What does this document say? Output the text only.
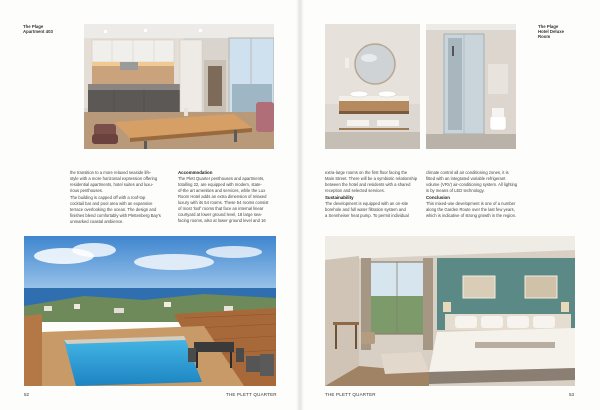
The Plage
Apartment 403

the transition to a more relaxed seaside life-
style with a more horizontal expression offering
residential apartments, hotel suites and luxu-
rious penthouses.

The building is capped off with a roof-top
cocktail bar and pool area with an expansive
terrace overlooking the ocean. The design and
finishes blend comfortably with Plettenberg Bay's
unmarked coastal ambience.

Accommodation

The Plett Quarter penthouses and apartments,
totalling 22, are equipped with modern, state-
of-the art amenities and services, while the Lux
Room Hotel adds an extra dimension of relaxed
luxury with its 54 rooms. These 54 rooms consist
of most 'loof' rooms that face an internal linear
courtyard at lower ground level, 18 large sea-
facing rooms, also at lower ground level and 16

52	THE PLETT QUARTER
The Plage
Hotel Deluxe
Room

extra-large rooms on the first floor facing the
Main Street. There will be a symbiotic relationship
between the hotel and residents with a shared
reception and selected services.

Sustainability

The development is equipped with an on-site
borehole and full water filtration system and
a Sennheiser heat pump. To permit individual

climate control all air conditioning zones, it is
fitted with an integrated variable refrigerant
volume (VRV) air-conditioning system. All lighting
is by means of LED technology.

Conclusion

This mixed-use development is one of a number
along the Garden Route over the last few years,
which is indicative of strong growth in the region.

THE PLETT QUARTER	53
